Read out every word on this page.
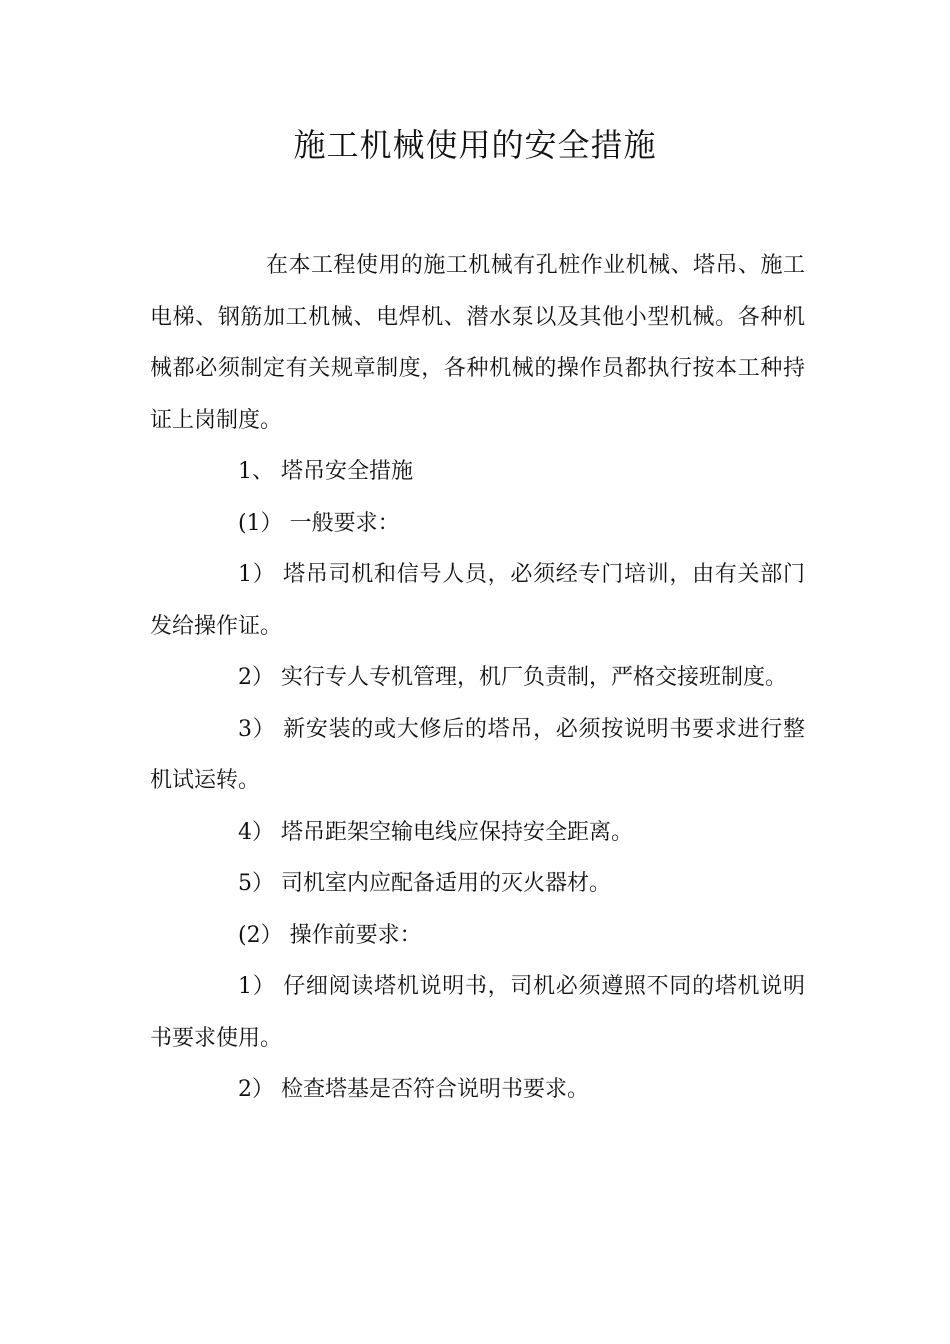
施工机械使用的安全措施

在本工程使用的施工机械有孔桩作业机械、塔吊、施工电梯、钢筋加工机械、电焊机、潜水泵以及其他小型机械。各种机械都必须制定有关规章制度，各种机械的操作员都执行按本工种持证上岗制度。

1、 塔吊安全措施

(1） 一般要求：

1） 塔吊司机和信号人员，必须经专门培训，由有关部门发给操作证。

2） 实行专人专机管理，机厂负责制，严格交接班制度。

3） 新安装的或大修后的塔吊，必须按说明书要求进行整机试运转。

4） 塔吊距架空输电线应保持安全距离。

5） 司机室内应配备适用的灭火器材。

(2） 操作前要求：

1） 仔细阅读塔机说明书，司机必须遵照不同的塔机说明书要求使用。

2） 检查塔基是否符合说明书要求。
